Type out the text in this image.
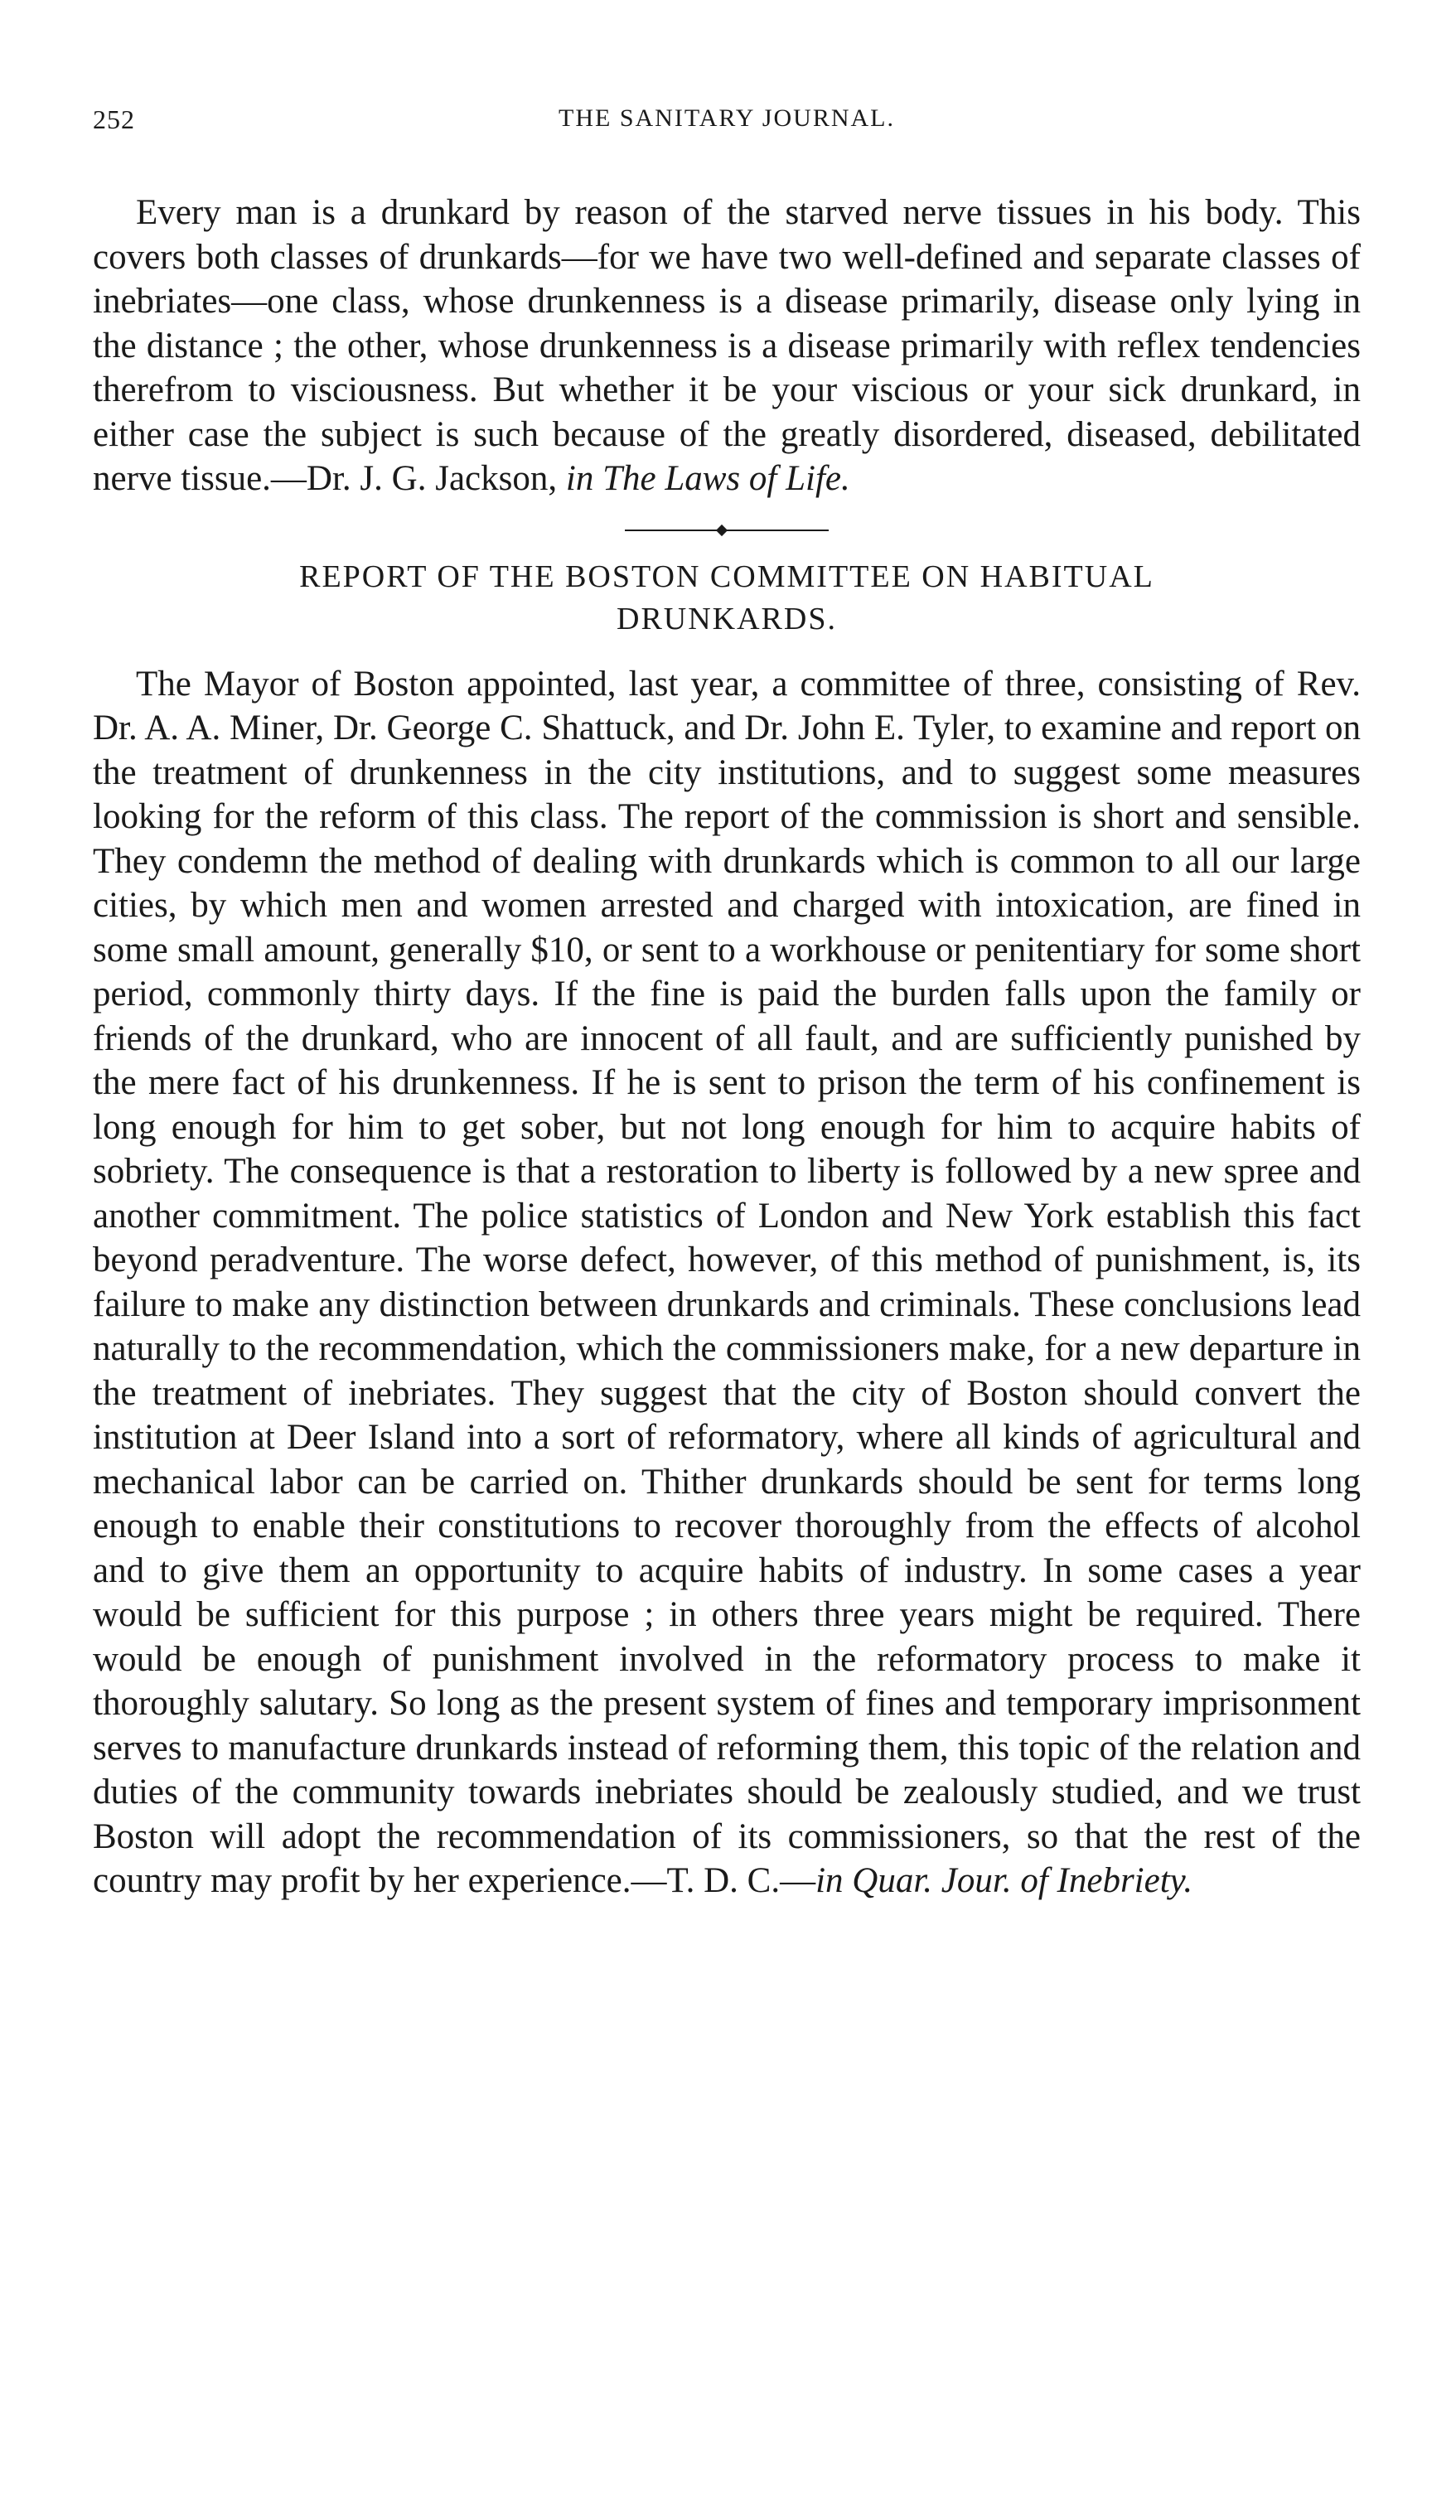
252	THE SANITARY JOURNAL.

Every man is a drunkard by reason of the starved nerve tissues in his body. This covers both classes of drunkards—for we have two well-defined and separate classes of inebriates—one class, whose drunkenness is a disease primarily, disease only lying in the distance ; the other, whose drunkenness is a disease primarily with reflex tendencies therefrom to visciousness. But whether it be your viscious or your sick drunkard, in either case the subject is such because of the greatly disordered, diseased, debilitated nerve tissue.—Dr. J. G. Jackson, in The Laws of Life.

REPORT OF THE BOSTON COMMITTEE ON HABITUAL
DRUNKARDS.

The Mayor of Boston appointed, last year, a committee of three, consisting of Rev. Dr. A. A. Miner, Dr. George C. Shattuck, and Dr. John E. Tyler, to examine and report on the treatment of drunkenness in the city institutions, and to suggest some measures looking for the reform of this class. The report of the commission is short and sensible. They condemn the method of dealing with drunkards which is common to all our large cities, by which men and women arrested and charged with intoxication, are fined in some small amount, generally $10, or sent to a workhouse or penitentiary for some short period, commonly thirty days. If the fine is paid the burden falls upon the family or friends of the drunkard, who are innocent of all fault, and are sufficiently punished by the mere fact of his drunkenness. If he is sent to prison the term of his confinement is long enough for him to get sober, but not long enough for him to acquire habits of sobriety. The consequence is that a restoration to liberty is followed by a new spree and another commitment. The police statistics of London and New York establish this fact beyond peradventure. The worse defect, however, of this method of punishment, is, its failure to make any distinction between drunkards and criminals. These conclusions lead naturally to the recommendation, which the commissioners make, for a new departure in the treatment of inebriates. They suggest that the city of Boston should convert the institution at Deer Island into a sort of reformatory, where all kinds of agricultural and mechanical labor can be carried on. Thither drunkards should be sent for terms long enough to enable their constitutions to recover thoroughly from the effects of alcohol and to give them an opportunity to acquire habits of industry. In some cases a year would be sufficient for this purpose ; in others three years might be required. There would be enough of punishment involved in the reformatory process to make it thoroughly salutary. So long as the present system of fines and temporary imprisonment serves to manufacture drunkards instead of reforming them, this topic of the relation and duties of the community towards inebriates should be zealously studied, and we trust Boston will adopt the recommendation of its commissioners, so that the rest of the country may profit by her experience.—T. D. C.—in Quar. Jour. of Inebriety.
